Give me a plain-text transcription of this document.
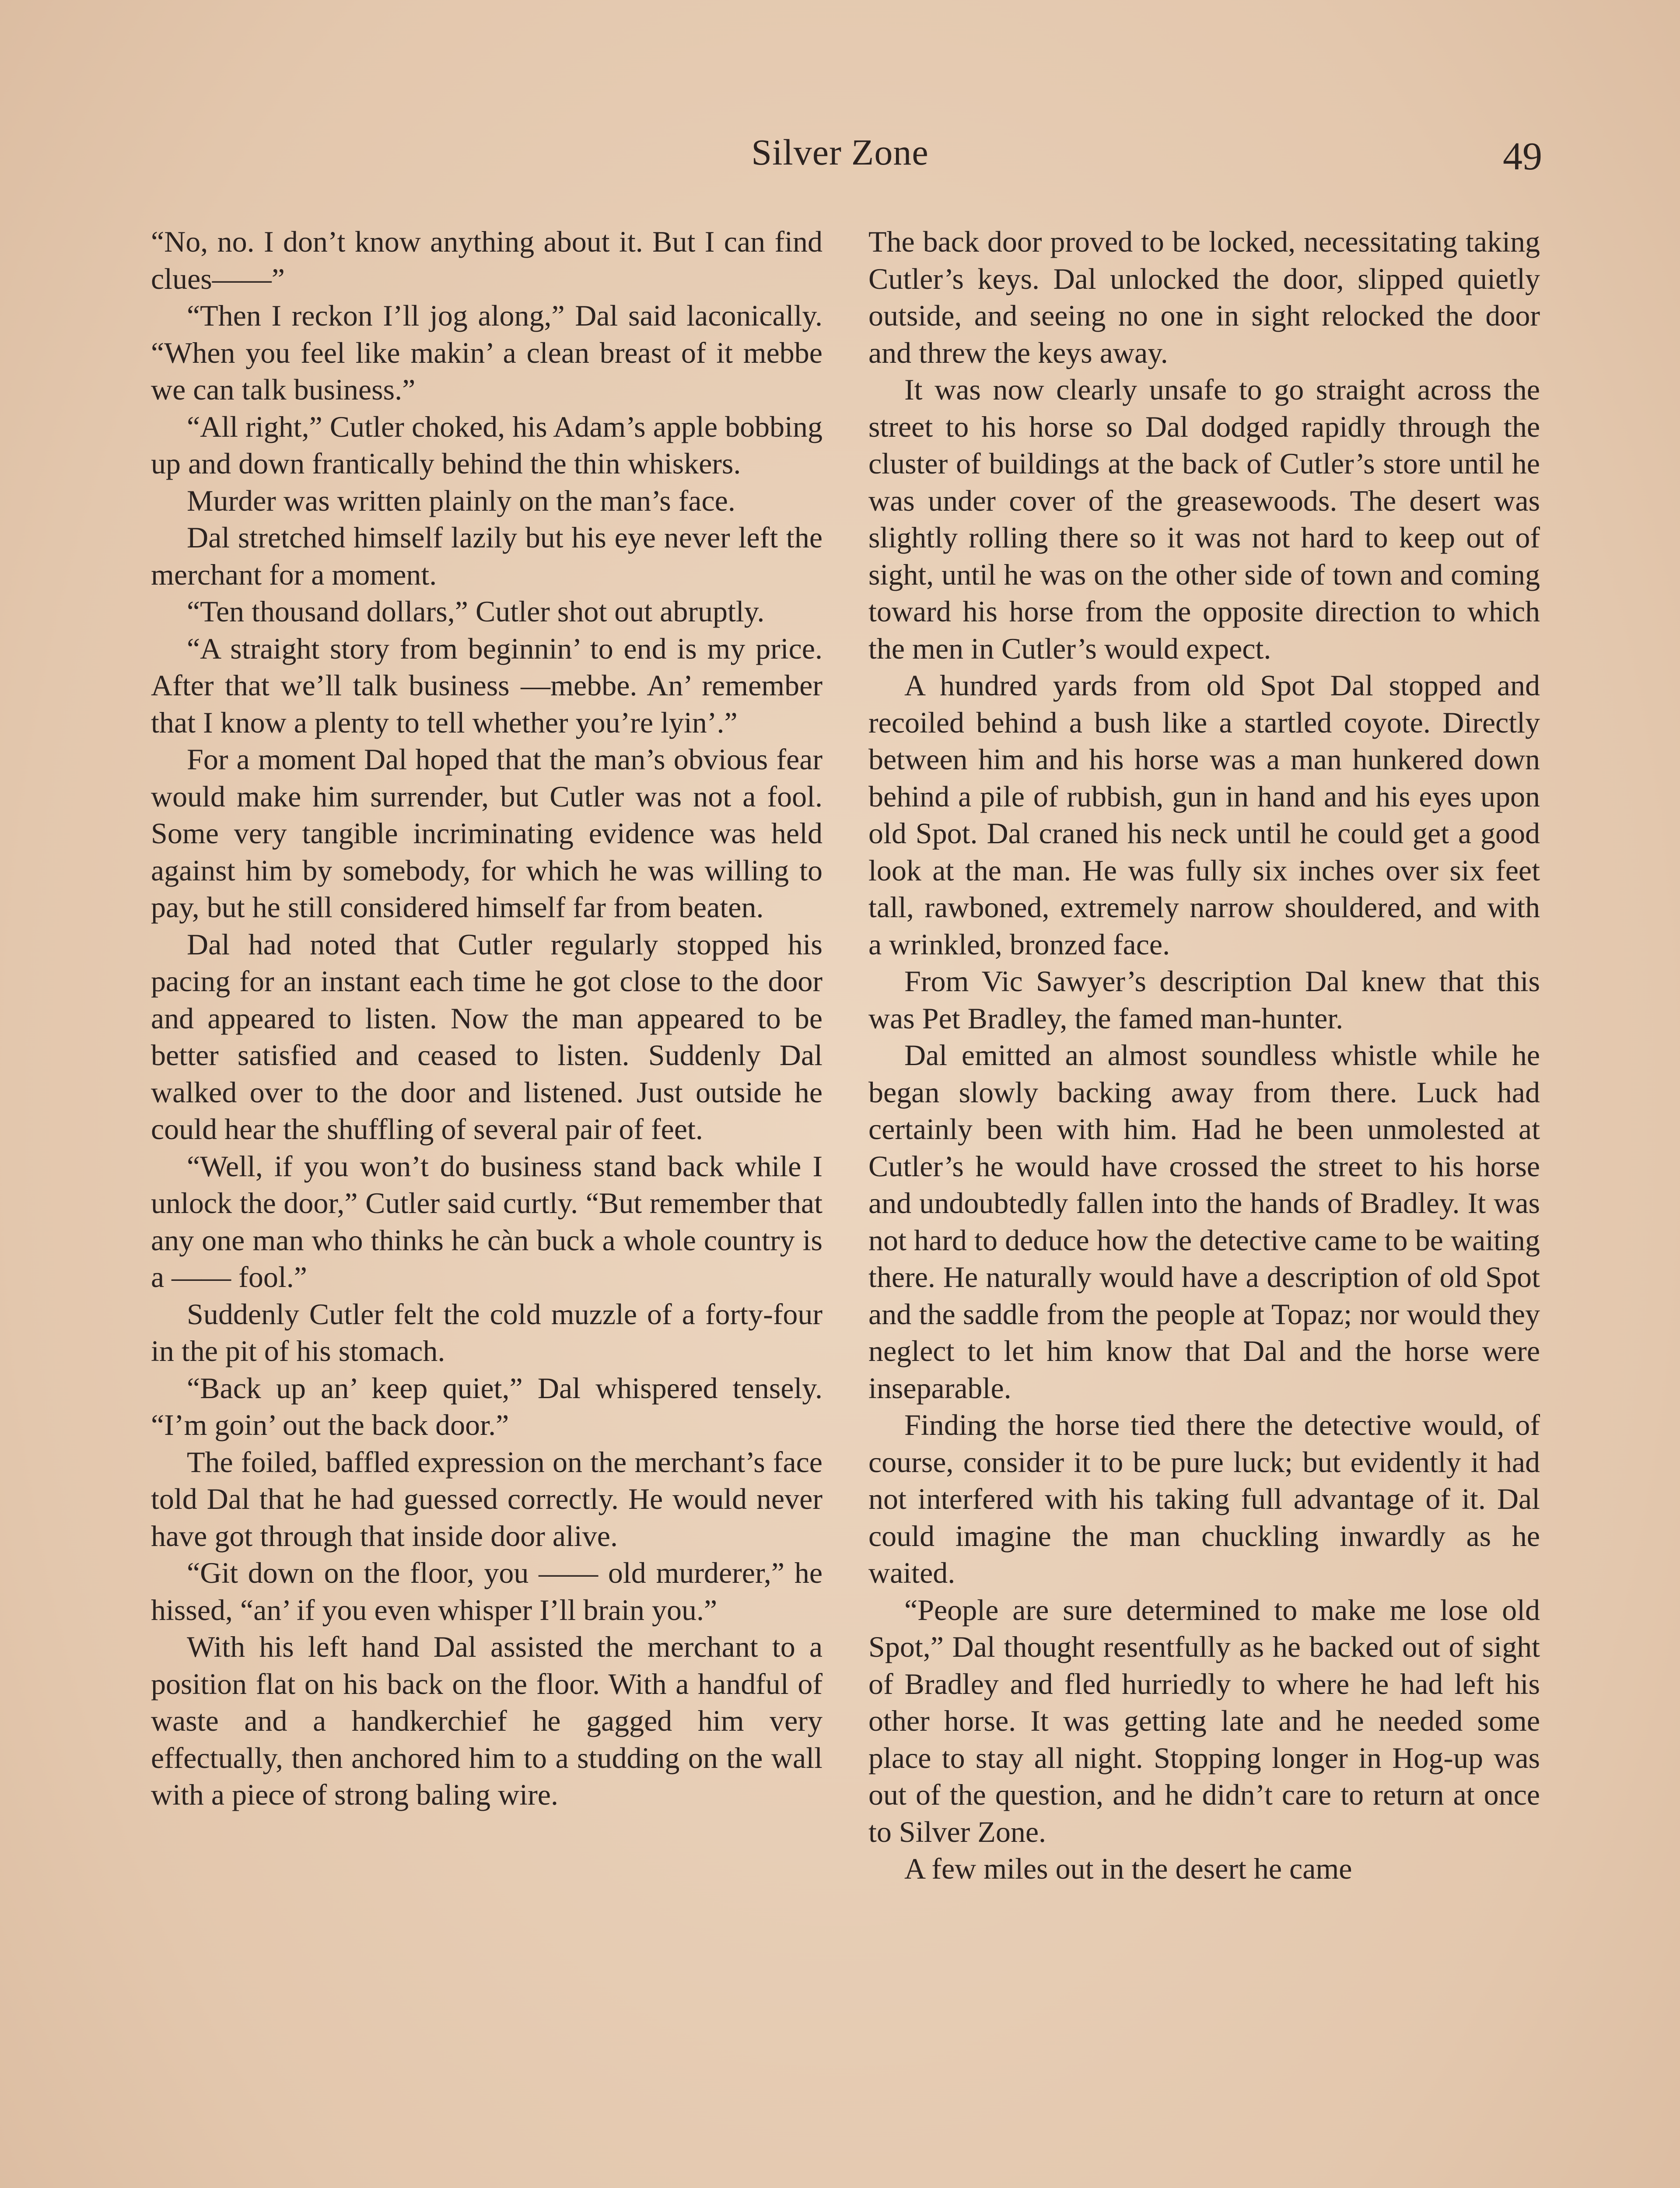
Silver Zone	49

“No, no. I don’t know anything about it. But I can find clues——”

“Then I reckon I’ll jog along,” Dal said laconically. “When you feel like makin’ a clean breast of it mebbe we can talk business.”

“All right,” Cutler choked, his Adam’s apple bobbing up and down frantically behind the thin whiskers.

Murder was written plainly on the man’s face.

Dal stretched himself lazily but his eye never left the merchant for a moment.

“Ten thousand dollars,” Cutler shot out abruptly.

“A straight story from beginnin’ to end is my price. After that we’ll talk business —mebbe. An’ remember that I know a plenty to tell whether you’re lyin’.”

For a moment Dal hoped that the man’s obvious fear would make him surrender, but Cutler was not a fool. Some very tangible incriminating evidence was held against him by somebody, for which he was willing to pay, but he still considered himself far from beaten.

Dal had noted that Cutler regularly stopped his pacing for an instant each time he got close to the door and appeared to listen. Now the man appeared to be better satisfied and ceased to listen. Suddenly Dal walked over to the door and listened. Just outside he could hear the shuffling of several pair of feet.

“Well, if you won’t do business stand back while I unlock the door,” Cutler said curtly. “But remember that any one man who thinks he càn buck a whole country is a —— fool.”

Suddenly Cutler felt the cold muzzle of a forty-four in the pit of his stomach.

“Back up an’ keep quiet,” Dal whispered tensely. “I’m goin’ out the back door.”

The foiled, baffled expression on the merchant’s face told Dal that he had guessed correctly. He would never have got through that inside door alive.

“Git down on the floor, you —— old murderer,” he hissed, “an’ if you even whisper I’ll brain you.”

With his left hand Dal assisted the merchant to a position flat on his back on the floor. With a handful of waste and a handkerchief he gagged him very effectually, then anchored him to a studding on the wall with a piece of strong baling wire.

The back door proved to be locked, necessitating taking Cutler’s keys. Dal unlocked the door, slipped quietly outside, and seeing no one in sight relocked the door and threw the keys away.

It was now clearly unsafe to go straight across the street to his horse so Dal dodged rapidly through the cluster of buildings at the back of Cutler’s store until he was under cover of the greasewoods. The desert was slightly rolling there so it was not hard to keep out of sight, until he was on the other side of town and coming toward his horse from the opposite direction to which the men in Cutler’s would expect.

A hundred yards from old Spot Dal stopped and recoiled behind a bush like a startled coyote. Directly between him and his horse was a man hunkered down behind a pile of rubbish, gun in hand and his eyes upon old Spot. Dal craned his neck until he could get a good look at the man. He was fully six inches over six feet tall, rawboned, extremely narrow shouldered, and with a wrinkled, bronzed face.

From Vic Sawyer’s description Dal knew that this was Pet Bradley, the famed man-hunter.

Dal emitted an almost soundless whistle while he began slowly backing away from there. Luck had certainly been with him. Had he been unmolested at Cutler’s he would have crossed the street to his horse and undoubtedly fallen into the hands of Bradley. It was not hard to deduce how the detective came to be waiting there. He naturally would have a description of old Spot and the saddle from the people at Topaz; nor would they neglect to let him know that Dal and the horse were inseparable.

Finding the horse tied there the detective would, of course, consider it to be pure luck; but evidently it had not interfered with his taking full advantage of it. Dal could imagine the man chuckling inwardly as he waited.

“People are sure determined to make me lose old Spot,” Dal thought resentfully as he backed out of sight of Bradley and fled hurriedly to where he had left his other horse. It was getting late and he needed some place to stay all night. Stopping longer in Hog-up was out of the question, and he didn’t care to return at once to Silver Zone.

A few miles out in the desert he came
